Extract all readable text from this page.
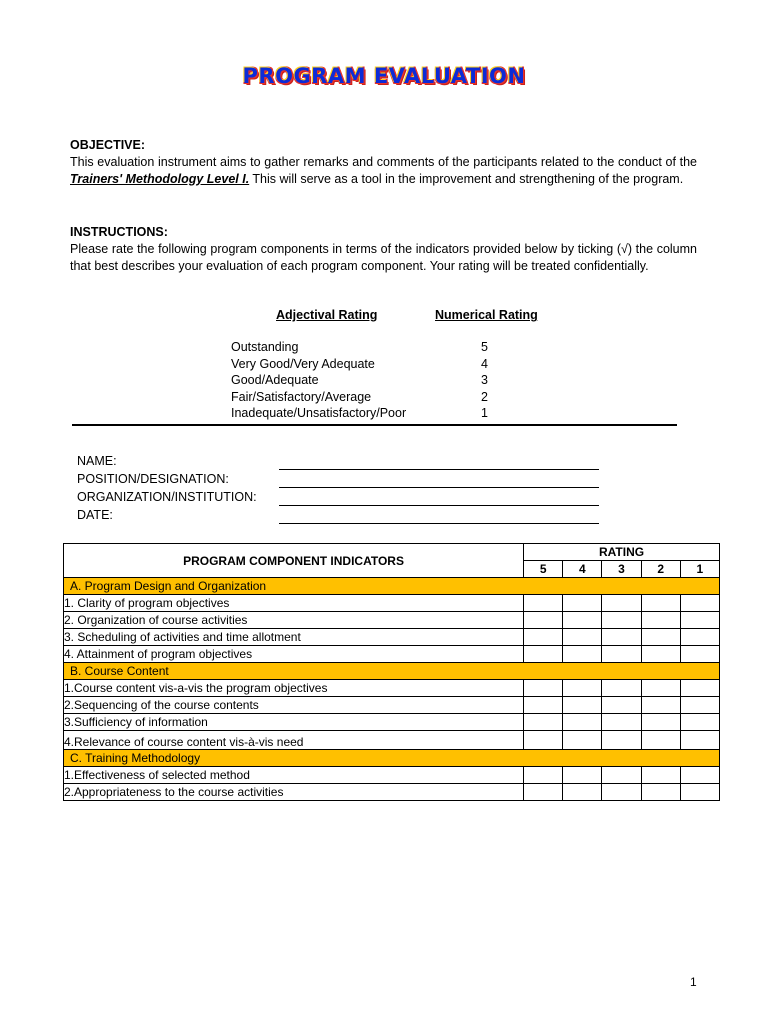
PROGRAM EVALUATION
OBJECTIVE:
This evaluation instrument aims to gather remarks and comments of the participants related to the conduct of the Trainers' Methodology Level I. This will serve as a tool in the improvement and strengthening of the program.
INSTRUCTIONS:
Please rate the following program components in terms of the indicators provided below by ticking (√) the column that best describes your evaluation of each program component. Your rating will be treated confidentially.
Adjectival Rating	Numerical Rating
Outstanding	5
Very Good/Very Adequate	4
Good/Adequate	3
Fair/Satisfactory/Average	2
Inadequate/Unsatisfactory/Poor	1
NAME:
POSITION/DESIGNATION:
ORGANIZATION/INSTITUTION:
DATE:
PROGRAM COMPONENT INDICATORS	RATING				
	5	4	3	2	1
A. Program Design and Organization					
1. Clarity of program objectives					
2. Organization of course activities					
3. Scheduling of activities and time allotment					
4. Attainment of program objectives					
B. Course Content					
1.Course content vis-a-vis the program objectives					
2.Sequencing of the course contents					
3.Sufficiency of information					
4.Relevance of course content vis-à-vis need					
C. Training Methodology					
1.Effectiveness of selected method					
2.Appropriateness to the course activities					
1
